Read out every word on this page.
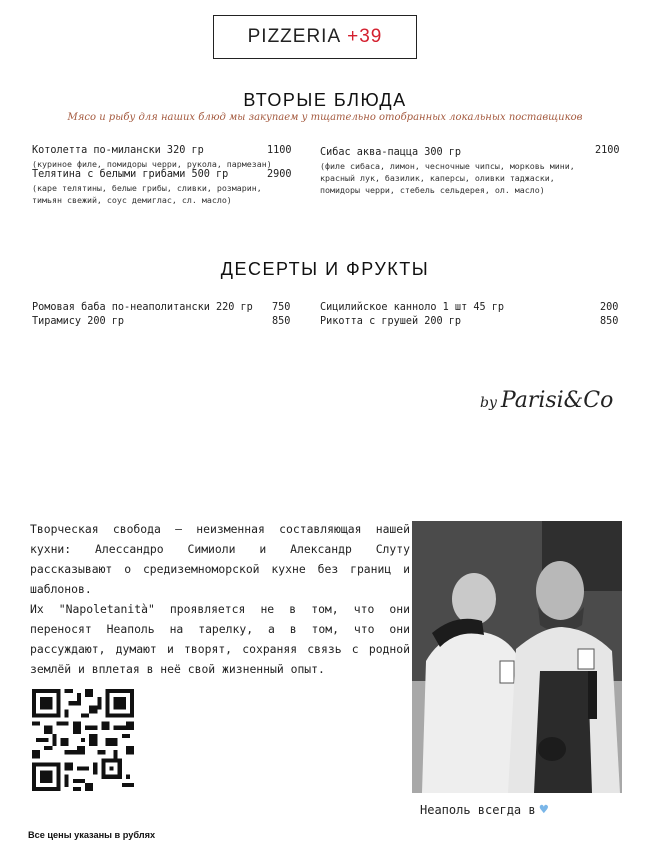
PIZZERIA +39
ВТОРЫЕ БЛЮДА
Мясо и рыбу для наших блюд мы закупаем у тщательно отобранных локальных поставщиков
Котолетта по-милански 320 гр	1100
(куриное филе, помидоры черри, рукола, пармезан)
Телятина с белыми грибами 500 гр	2900
(каре телятины, белые грибы, сливки, розмарин,
тимьян свежий, соус демиглас, сл. масло)
Сибас аква-пацца 300 гр	2100
(филе сибаса, лимон, чесночные чипсы, морковь мини,
красный лук, базилик, каперсы, оливки таджаски,
помидоры черри, стебель сельдерея, ол. масло)
ДЕСЕРТЫ И ФРУКТЫ
Ромовая баба по-неаполитански 220 гр 750
Тирамису 200 гр	850
Сицилийское канноло 1 шт 45 гр	200
Рикотта с грушей 200 гр	850
by Parisi&Co

Творческая свобода – неизменная составляющая нашей кухни: Алессандро Симиоли и Александр Слуту рассказывают о средиземноморской кухне без границ и шаблонов.

Их "Napoletanità" проявляется не в том, что они переносят Неаполь на тарелку, а в том, что они рассуждают, думают и творят, сохраняя связь с родной землёй и вплетая в неё свой жизненный опыт.

Неаполь всегда в ♥
Все цены указаны в рублях
